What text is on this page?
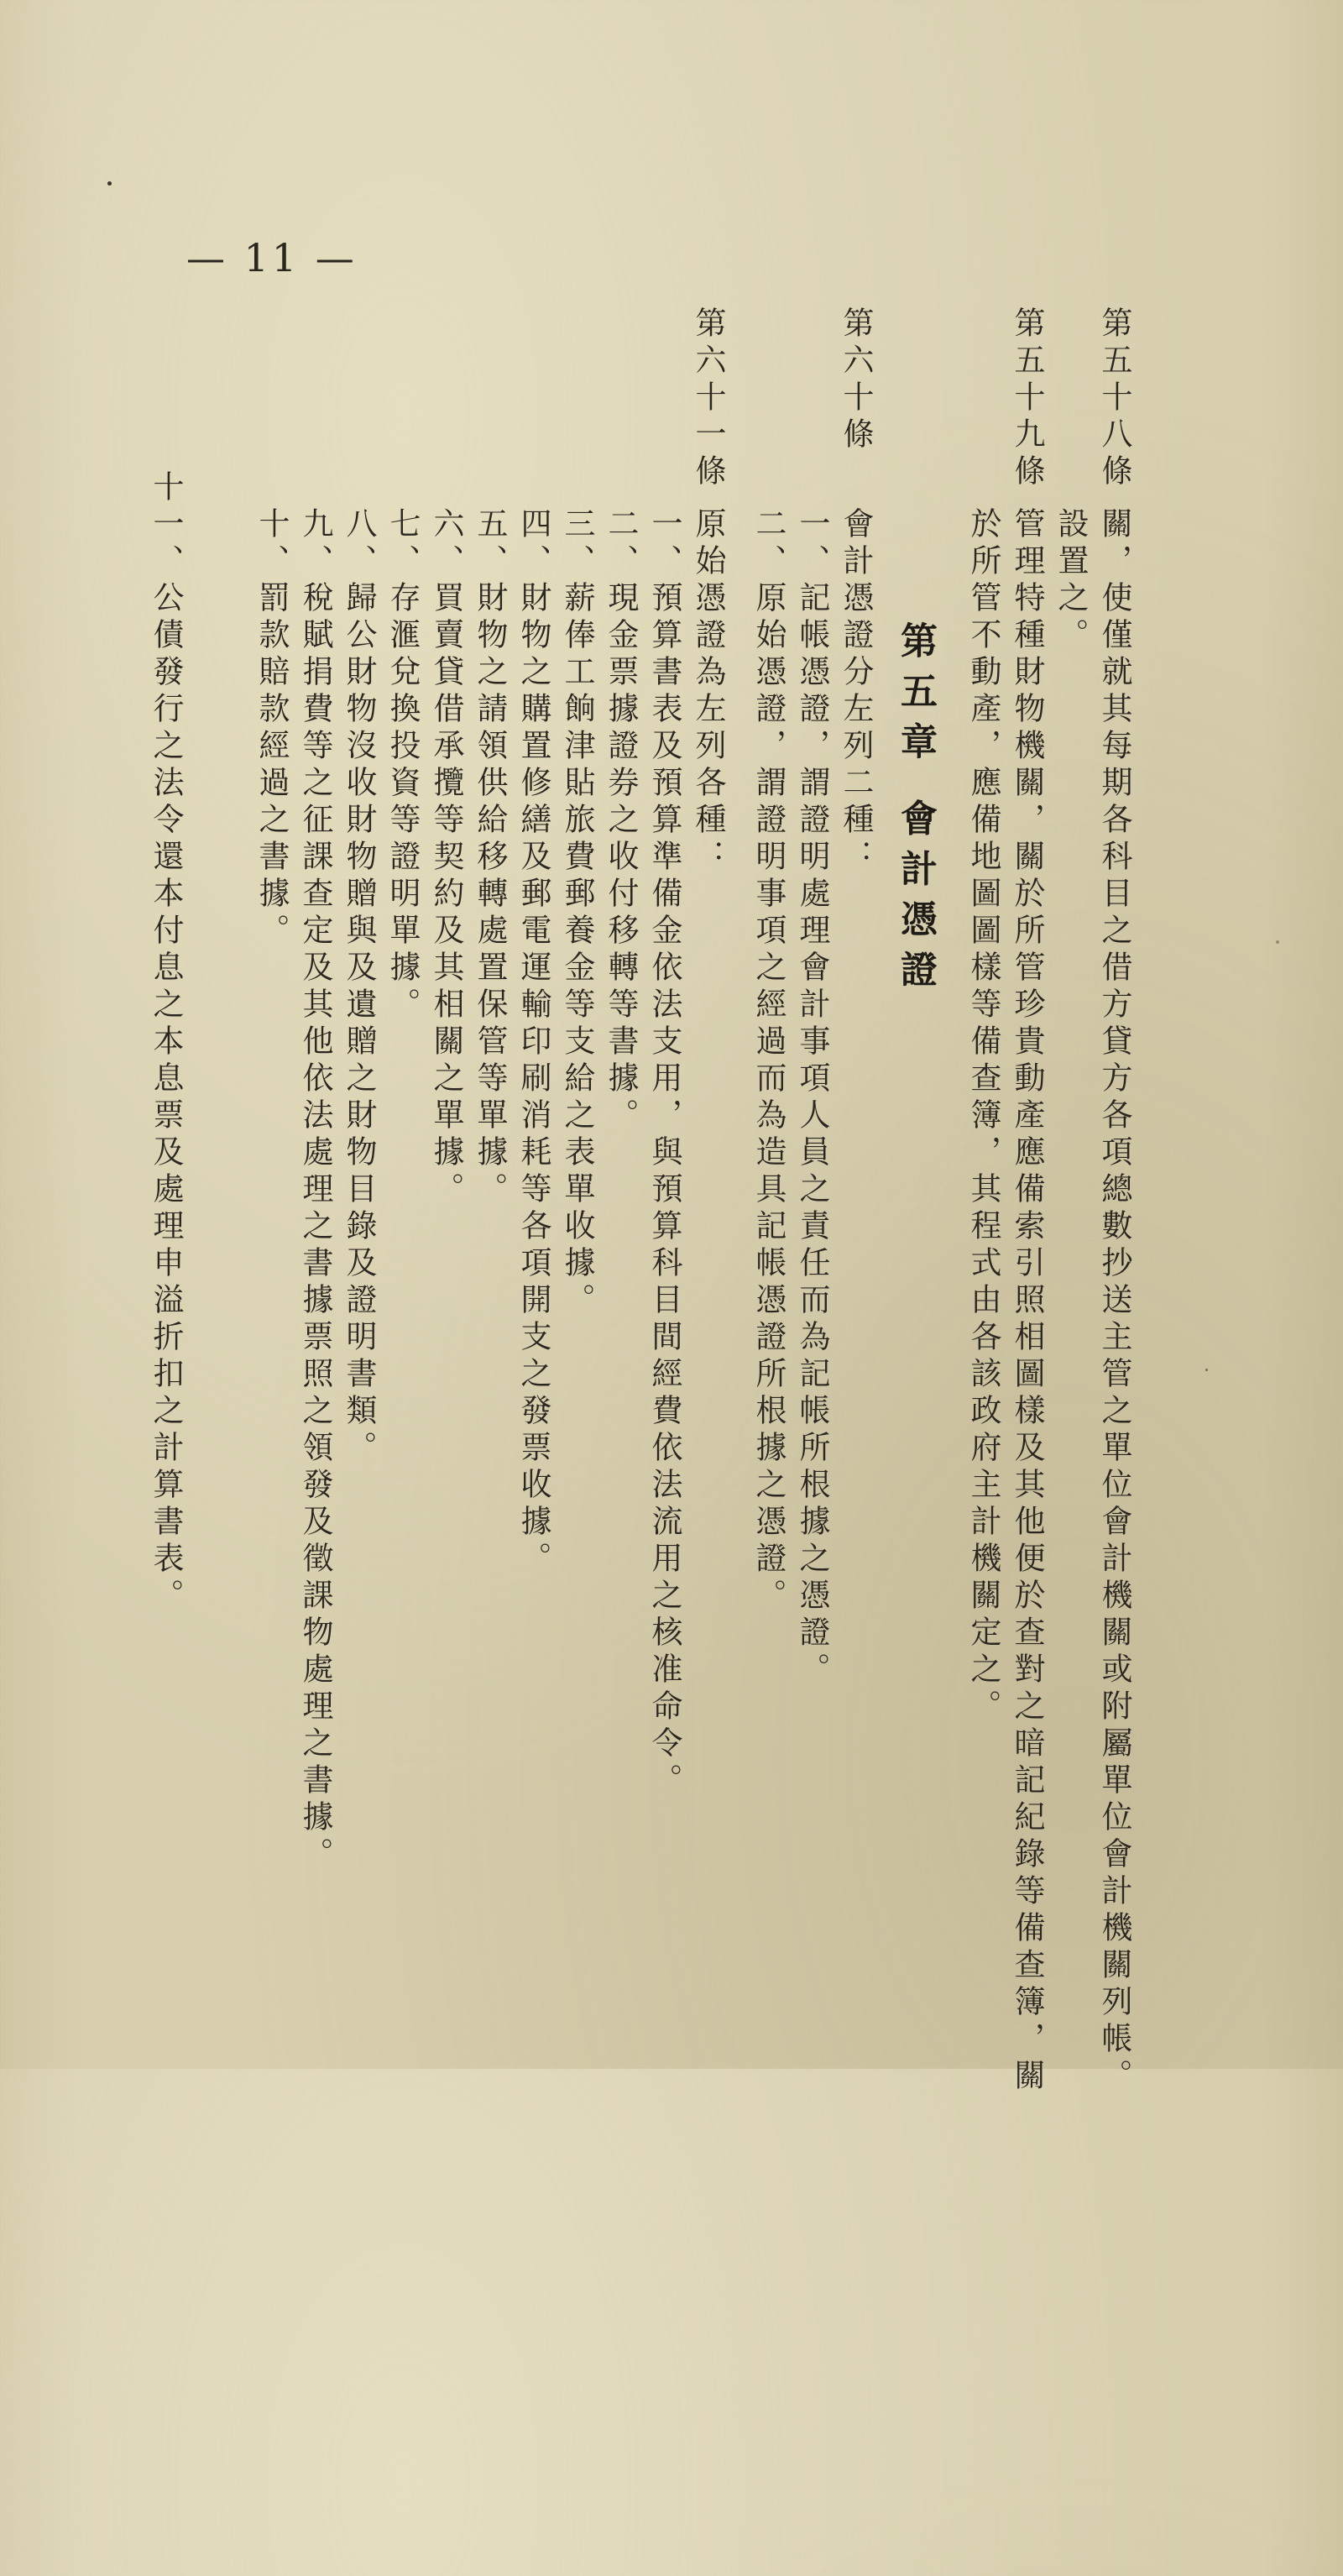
— 11 —
第五十八條
關，使僅就其每期各科目之借方貸方各項總數抄送主管之單位會計機關或附屬單位會計機關列帳。
設置之。
第五十九條
於所管不動產，應備地圖圖樣等備查簿，其程式由各該政府主計機關定之。
第五章 會計憑證
第六十條
會計憑證分左列二種：
一、記帳憑證，謂證明處理會計事項人員之責任而為記帳所根據之憑證。
二、原始憑證，謂證明事項之經過而為造具記帳憑證所根據之憑證。
第六十一條
原始憑證為左列各種：
一、預算書表及預算準備金依法支用，與預算科目間經費依法流用之核准命令。
二、現金票據證券之收付移轉等書據。
三、薪俸工餉津貼旅費郵養金等支給之表單收據。
四、財物之購置修繕及郵電運輸印刷消耗等各項開支之發票收據。
五、財物之請領供給移轉處置保管等單據。
六、買賣貸借承攬等契約及其相關之單據。
七、存滙兌換投資等證明單據。
八、歸公財物沒收財物贈與及遺贈之財物目錄及證明書類。
九、稅賦捐費等之征課查定及其他依法處理之書據票照之領發及徵課物處理之書據。
十、罰款賠款經過之書據。
十一、公債發行之法令還本付息之本息票及處理申溢折扣之計算書表。	管理特種財物機關，關於所管珍貴動產應備索引照相圖樣及其他便於查對之暗記紀錄等備查簿，關
